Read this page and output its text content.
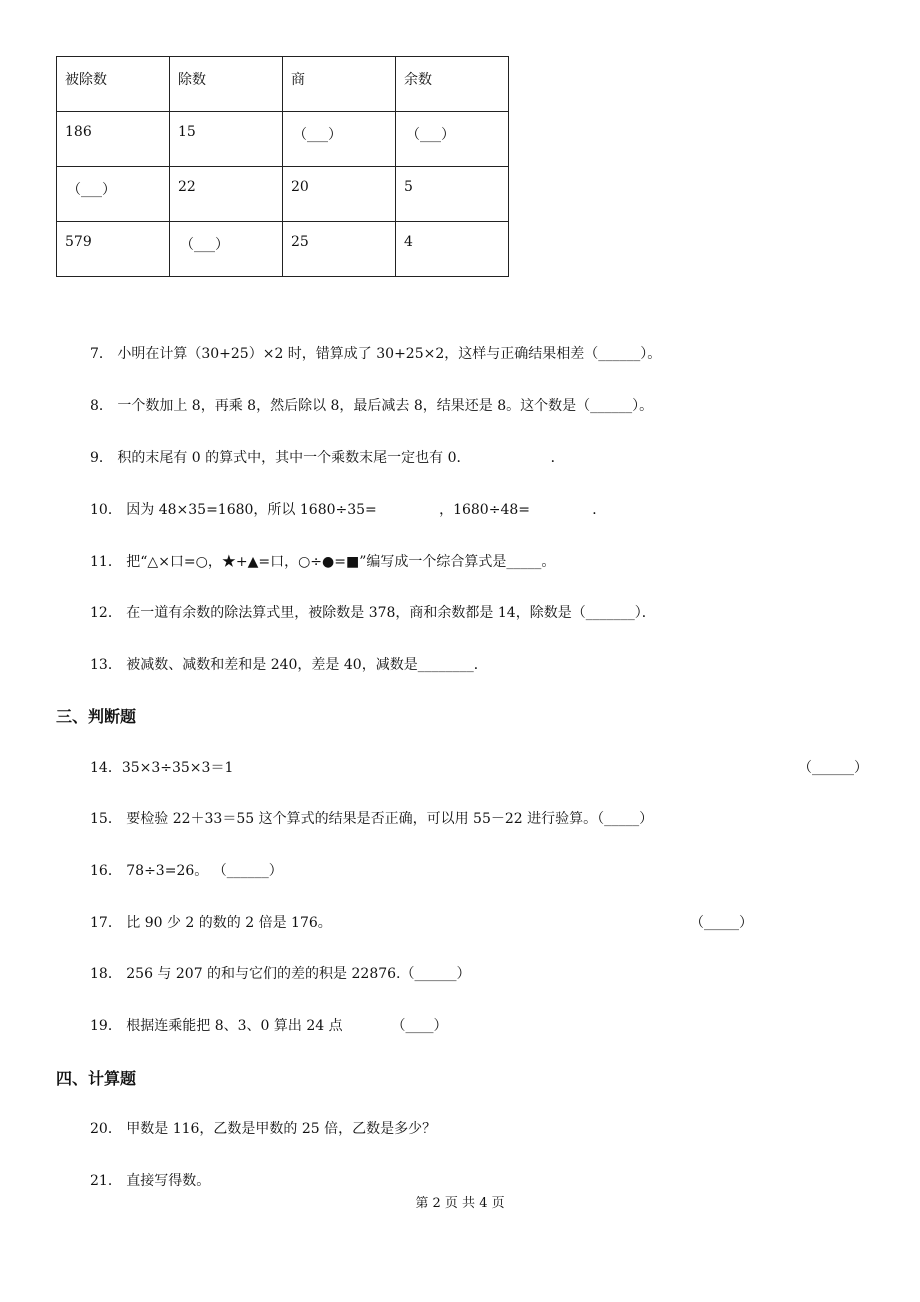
被除数	除数	商	余数
186	15	（___）	（___）
（___）	22	20	5
579	（___）	25	4
7． 小明在计算（30+25）×2 时，错算成了 30+25×2，这样与正确结果相差（______）。
8． 一个数加上 8，再乘 8，然后除以 8，最后减去 8，结果还是 8。这个数是（______）。
9． 积的末尾有 0 的算式中，其中一个乘数末尾一定也有 0．                  ．
10． 因为 48×35=1680，所以 1680÷35=              ，1680÷48=              ．
11． 把“△×口=○，★+▲=口，○÷●=■”编写成一个综合算式是_____。
12． 在一道有余数的除法算式里，被除数是 378，商和余数都是 14，除数是（_______）．
13． 被减数、减数和差和是 240，差是 40，减数是________．
三、判断题
14．35×3÷35×3＝1	（______）
15． 要检验 22＋33＝55 这个算式的结果是否正确，可以用 55－22 进行验算。（_____）
16． 78÷3=26。 （______）
17． 比 90 少 2 的数的 2 倍是 176。	（_____）
18． 256 与 207 的和与它们的差的积是 22876.（______）
19． 根据连乘能把 8、3、0 算出 24 点           （____）
四、计算题
20． 甲数是 116，乙数是甲数的 25 倍，乙数是多少？
21． 直接写得数。
第 2 页 共 4 页
